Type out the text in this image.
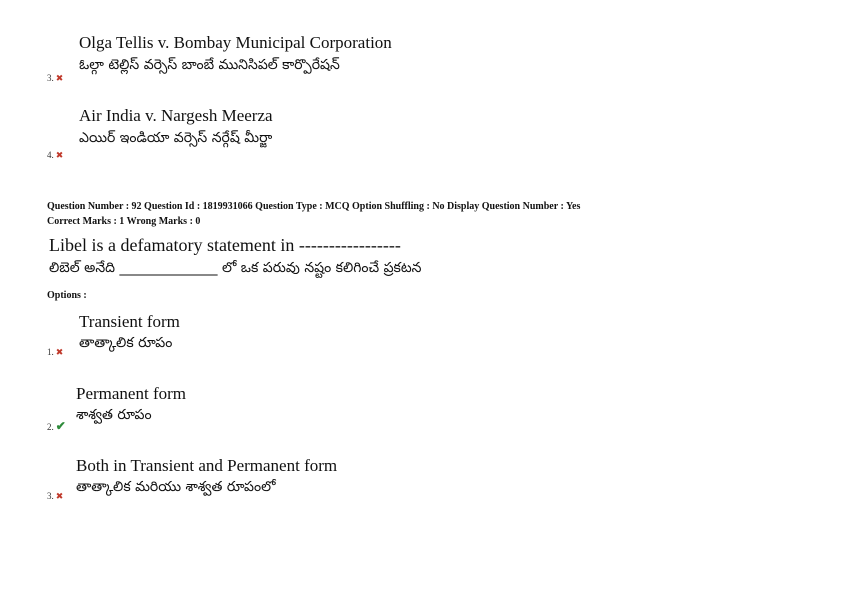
Olga Tellis v. Bombay Municipal Corporation
ఓల్గా టెల్లిస్ వర్సెస్ బాంబే మునిసిపల్ కార్పొరేషన్
3. ✖
Air India v. Nargesh Meerza
ఎయిర్ ఇండియా వర్సెస్ నర్గేష్ మీర్జా
4. ✖
Question Number : 92 Question Id : 1819931066 Question Type : MCQ Option Shuffling : No Display Question Number : Yes
Correct Marks : 1 Wrong Marks : 0
Libel is a defamatory statement in -----------------
లిబెల్ అనేది ______________ లో ఒక పరువు నష్టం కలిగించే ప్రకటన
Options :
Transient form
తాత్కాలిక రూపం
1. ✖
Permanent form
శాశ్వత రూపం
2. ✔
Both in Transient and Permanent form
తాత్కాలిక మరియు శాశ్వత రూపంలో
3. ✖
